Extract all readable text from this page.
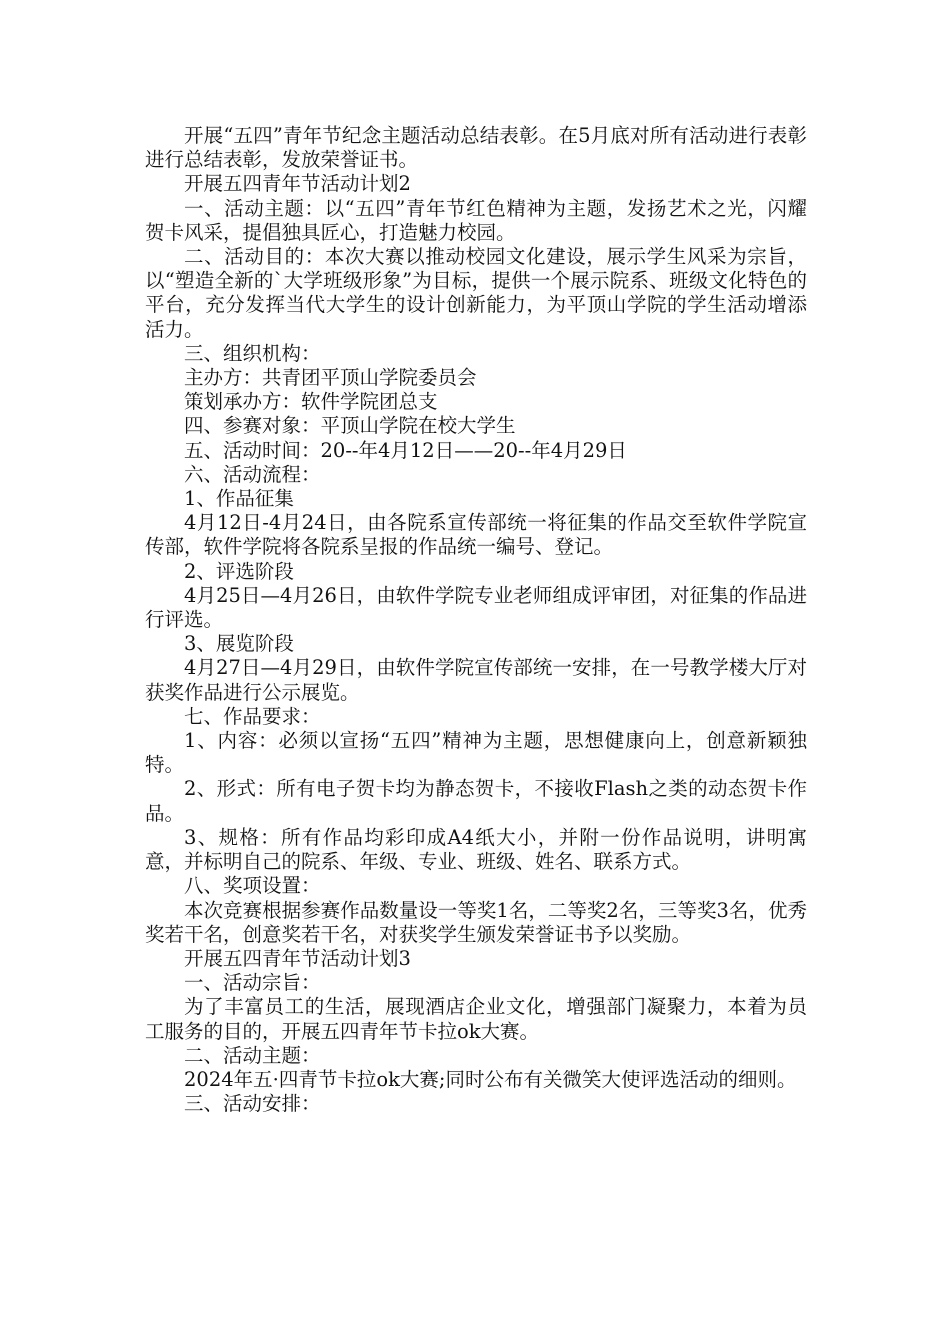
开展“五四”青年节纪念主题活动总结表彰。在5月底对所有活动进行表彰进行总结表彰，发放荣誉证书。

开展五四青年节活动计划2

一、活动主题：以“五四”青年节红色精神为主题，发扬艺术之光，闪耀贺卡风采，提倡独具匠心，打造魅力校园。

二、活动目的：本次大赛以推动校园文化建设，展示学生风采为宗旨，以“塑造全新的`大学班级形象”为目标，提供一个展示院系、班级文化特色的平台，充分发挥当代大学生的设计创新能力，为平顶山学院的学生活动增添活力。

三、组织机构：

主办方：共青团平顶山学院委员会

策划承办方：软件学院团总支

四、参赛对象：平顶山学院在校大学生

五、活动时间：20--年4月12日——20--年4月29日

六、活动流程：

1、作品征集

4月12日-4月24日，由各院系宣传部统一将征集的作品交至软件学院宣传部，软件学院将各院系呈报的作品统一编号、登记。

2、评选阶段

4月25日—4月26日，由软件学院专业老师组成评审团，对征集的作品进行评选。

3、展览阶段

4月27日—4月29日，由软件学院宣传部统一安排，在一号教学楼大厅对获奖作品进行公示展览。

七、作品要求：

1、内容：必须以宣扬“五四”精神为主题，思想健康向上，创意新颖独特。

2、形式：所有电子贺卡均为静态贺卡，不接收Flash之类的动态贺卡作品。

3、规格：所有作品均彩印成A4纸大小，并附一份作品说明，讲明寓意，并标明自己的院系、年级、专业、班级、姓名、联系方式。

八、奖项设置：

本次竞赛根据参赛作品数量设一等奖1名，二等奖2名，三等奖3名，优秀奖若干名，创意奖若干名，对获奖学生颁发荣誉证书予以奖励。

开展五四青年节活动计划3

一、活动宗旨：

为了丰富员工的生活，展现酒店企业文化，增强部门凝聚力，本着为员工服务的目的，开展五四青年节卡拉ok大赛。

二、活动主题：

2024年五·四青节卡拉ok大赛;同时公布有关微笑大使评选活动的细则。

三、活动安排：
